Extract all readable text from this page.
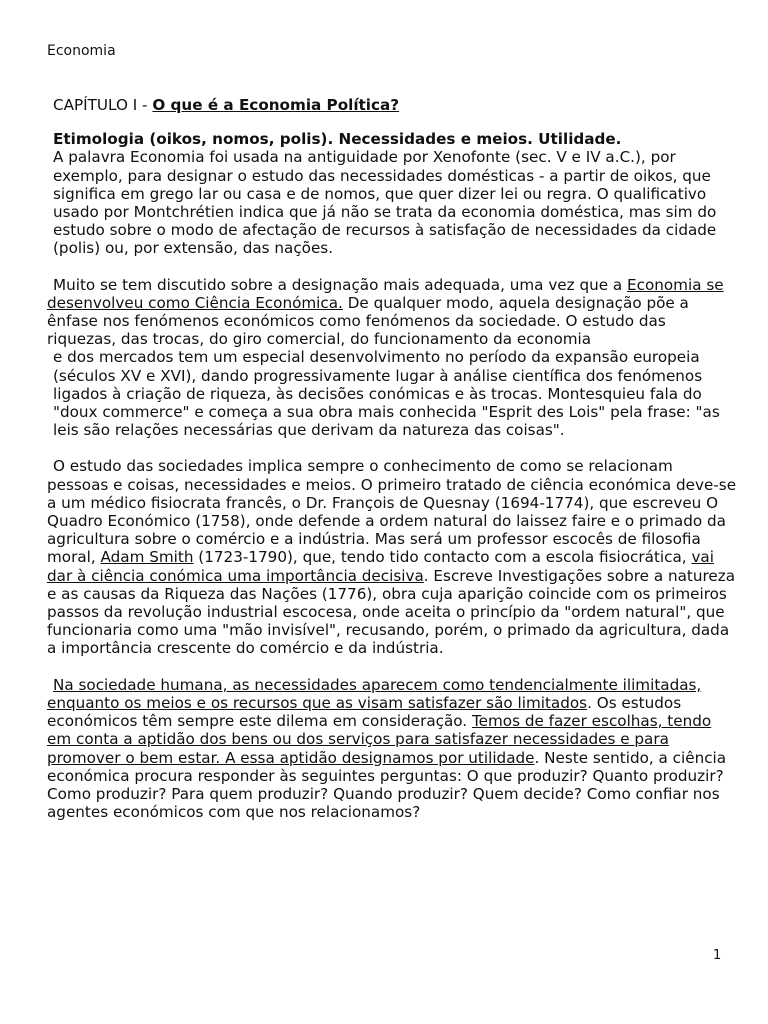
Economia

CAPÍTULO I - O que é a Economia Política?

Etimologia (oikos, nomos, polis). Necessidades e meios. Utilidade.

A palavra Economia foi usada na antiguidade por Xenofonte (sec. V e IV a.C.), por exemplo, para designar o estudo das necessidades domésticas - a partir de oikos, que significa em grego lar ou casa e de nomos, que quer dizer lei ou regra. O qualificativo usado por Montchrétien indica que já não se trata da economia doméstica, mas sim do estudo sobre o modo de afectação de recursos à satisfação de necessidades da cidade (polis) ou, por extensão, das nações.

Muito se tem discutido sobre a designação mais adequada, uma vez que a Economia se desenvolveu como Ciência Económica. De qualquer modo, aquela designação põe a ênfase nos fenómenos económicos como fenómenos da sociedade. O estudo das riquezas, das trocas, do giro comercial, do funcionamento da economia

e dos mercados tem um especial desenvolvimento no período da expansão europeia (séculos XV e XVI), dando progressivamente lugar à análise científica dos fenómenos ligados à criação de riqueza, às decisões conómicas e às trocas. Montesquieu fala do "doux commerce" e começa a sua obra mais conhecida "Esprit des Lois" pela frase: "as leis são relações necessárias que derivam da natureza das coisas".

O estudo das sociedades implica sempre o conhecimento de como se relacionam pessoas e coisas, necessidades e meios. O primeiro tratado de ciência económica deve-se a um médico fisiocrata francês, o Dr. François de Quesnay (1694-1774), que escreveu O Quadro Económico (1758), onde defende a ordem natural do laissez faire e o primado da agricultura sobre o comércio e a indústria. Mas será um professor escocês de filosofia moral, Adam Smith (1723-1790), que, tendo tido contacto com a escola fisiocrática, vai dar à ciência conómica uma importância decisiva. Escreve Investigações sobre a natureza e as causas da Riqueza das Nações (1776), obra cuja aparição coincide com os primeiros passos da revolução industrial escocesa, onde aceita o princípio da "ordem natural", que funcionaria como uma "mão invisível", recusando, porém, o primado da agricultura, dada a importância crescente do comércio e da indústria.

Na sociedade humana, as necessidades aparecem como tendencialmente ilimitadas, enquanto os meios e os recursos que as visam satisfazer são limitados. Os estudos económicos têm sempre este dilema em consideração. Temos de fazer escolhas, tendo em conta a aptidão dos bens ou dos serviços para satisfazer necessidades e para promover o bem estar. A essa aptidão designamos por utilidade. Neste sentido, a ciência económica procura responder às seguintes perguntas: O que produzir? Quanto produzir? Como produzir? Para quem produzir? Quando produzir? Quem decide? Como confiar nos agentes económicos com que nos relacionamos?

1
